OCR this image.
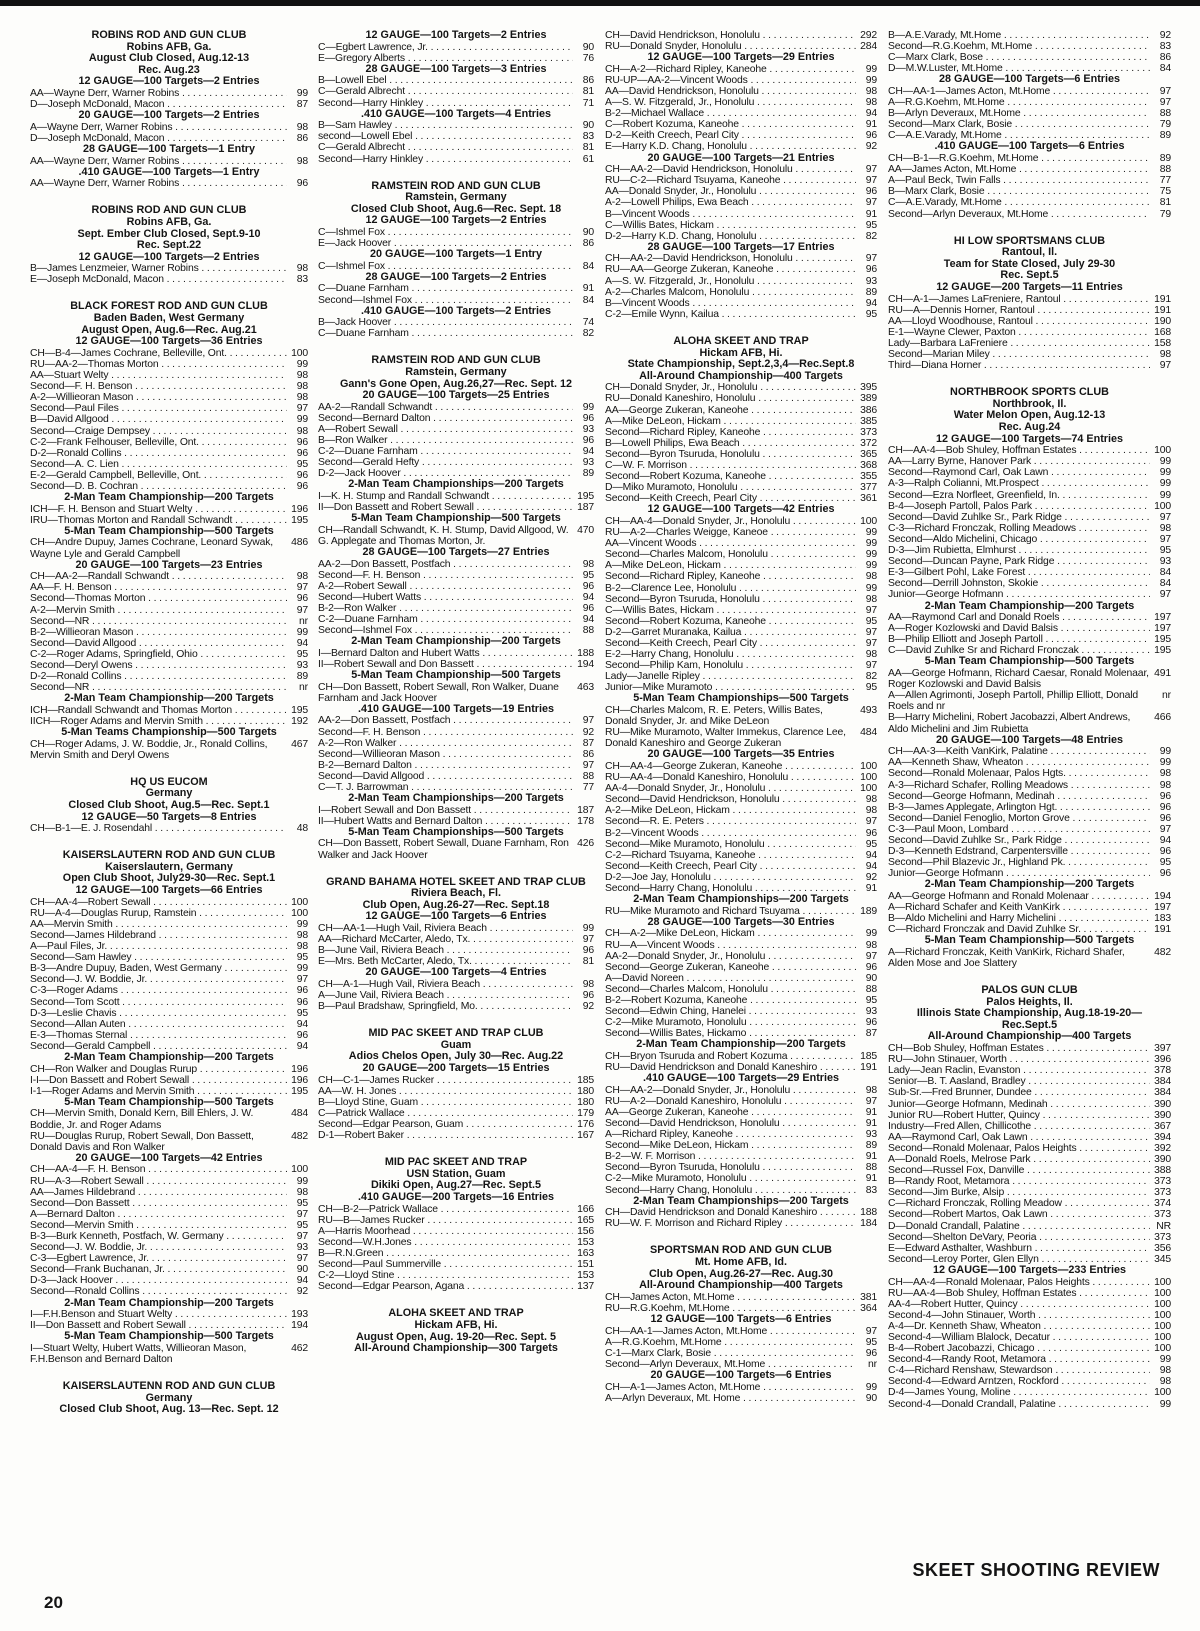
ROBINS ROD AND GUN CLUB
Robins AFB, Ga.
August Club Closed, Aug.12-13
Rec. Aug.23
12 GAUGE—100 Targets—2 Entries
AA—Wayne Derr, Warner Robins . . .	99
D—Joseph McDonald, Macon . . .	87
20 GAUGE—100 Targets—2 Entries
A—Wayne Derr, Warner Robins . . .	98
D—Joseph McDonald, Macon . . .	86
28 GAUGE—100 Targets—1 Entry
AA—Wayne Derr, Warner Robins . . .	98
.410 GAUGE—100 Targets—1 Entry
AA—Wayne Derr, Warner Robins . . .	96
ROBINS ROD AND GUN CLUB
Robins AFB, Ga.
Sept. Ember Club Closed, Sept.9-10
Rec. Sept.22
12 GAUGE—100 Targets—2 Entries
B—James Lenzmeier, Warner Robins . . .	98
E—Joseph McDonald, Macon . . .	83
BLACK FOREST ROD AND GUN CLUB
Baden Baden, West Germany
August Open, Aug.6—Rec. Aug.21
12 GAUGE—100 Targets—36 Entries
CH—B-4—James Cochrane, Belleville, Ont. . . .	100
RU—AA-2—Thomas Morton . . .	99
AA—Stuart Welty . . .	98
Second—F. H. Benson . . .	98
A-2—Willieoran Mason . . .	98
Second—Paul Files . . .	97
B—David Allgood . . .	99
Second—Craige Dempsey . . .	98
C-2—Frank Felhouser, Belleville, Ont. . . .	96
D-2—Ronald Collins . . .	96
Second—A. C. Lien . . .	95
E-2—Gerald Campbell, Belleville, Ont. . . .	96
Second—D. B. Cochran . . .	96
2-Man Team Championship—200 Targets
ICH—F. H. Benson and Stuart Welty . . .	196
IRU—Thomas Morton and Randall Schwandt . . .	195
5-Man Team Championship—500 Targets
CH—Andre Dupuy, James Cochrane, Leonard Sywak, Wayne Lyle and Gerald Campbell
486
20 GAUGE—100 Targets—23 Entries
CH—AA-2—Randall Schwandt . . .	98
AA—F. H. Benson . . .	97
Second—Thomas Morton . . .	96
A-2—Mervin Smith . . .	97
Second—NR . . .	nr
B-2—Willieoran Mason . . .	99
Second—David Allgood . . .	94
C-2—Roger Adams, Springfield, Ohio . . .	95
Second—Deryl Owens . . .	93
D-2—Ronald Collins . . .	89
Second—NR . . .	nr
2-Man Team Championship—200 Targets
ICH—Randall Schwandt and Thomas Morton . . .	195
IICH—Roger Adams and Mervin Smith . . .	192
5-Man Teams Championship—500 Targets
CH—Roger Adams, J. W. Boddie, Jr., Ronald Collins, Mervin Smith and Deryl Owens
467
HQ US EUCOM
Germany
Closed Club Shoot, Aug.5—Rec. Sept.1
12 GAUGE—50 Targets—8 Entries
CH—B-1—E. J. Rosendahl . . .	48
KAISERSLAUTERN ROD AND GUN CLUB
Kaiserslautern, Germany
Open Club Shoot, July29-30—Rec. Sept.1
12 GAUGE—100 Targets—66 Entries
CH—AA-4—Robert Sewall . . .	100
RU—A-4—Douglas Rurup, Ramstein . . .	100
AA—Mervin Smith . . .	99
Second—James Hildebrand . . .	98
A—Paul Files, Jr. . . .	98
Second—Sam Hawley . . .	95
B-3—Andre Dupuy, Baden, West Germany . . .	99
Second—J. W. Boddie, Jr. . . .	97
C-3—Roger Adams . . .	96
Second—Tom Scott . . .	96
D-3—Leslie Chavis . . .	95
Second—Allan Auten . . .	94
E-3—Thomas Sternal . . .	96
Second—Gerald Campbell . . .	94
2-Man Team Championship—200 Targets
CH—Ron Walker and Douglas Rurup . . .	196
I-I—Don Bassett and Robert Sewall . . .	196
I-1—Roger Adams and Mervin Smith . . .	195
5-Man Team Championship—500 Targets
CH—Mervin Smith, Donald Kern, Bill Ehlers, J. W. Boddie, Jr. and Roger Adams
484
RU—Douglas Rurup, Robert Sewall, Don Bassett, Donald Davis and Ron Walker
482
20 GAUGE—100 Targets—42 Entries
CH—AA-4—F. H. Benson . . .	100
RU—A-3—Robert Sewall . . .	99
AA—James Hildebrand . . .	98
Second—Don Bassett . . .	95
A—Bernard Dalton . . .	97
Second—Mervin Smith . . .	95
B-3—Burk Kenneth, Postfach, W. Germany . . .	97
Second—J. W. Boddie, Jr. . . .	93
C-3—Egbert Lawrence, Jr. . . .	97
Second—Frank Buchanan, Jr. . . .	90
D-3—Jack Hoover . . .	94
Second—Ronald Collins . . .	92
2-Man Team Championship—200 Targets
I—F.H.Benson and Stuart Welty . . .	193
II—Don Bassett and Robert Sewall . . .	194
5-Man Team Championship—500 Targets
I—Stuart Welty, Hubert Watts, Willieoran Mason, F.H.Benson and Bernard Dalton
462
KAISERSLAUTENN ROD AND GUN CLUB
Germany
Closed Club Shoot, Aug. 13—Rec. Sept. 12
12 GAUGE—100 Targets—2 Entries
C—Egbert Lawrence, Jr. . . .	90
E—Gregory Alberts . . .	76
28 GAUGE—100 Targets—3 Entries
B—Lowell Ebel . . .	86
C—Gerald Albrecht . . .	81
Second—Harry Hinkley . . .	71
.410 GAUGE—100 Targets—4 Entries
B—Sam Hawley . . .	90
second—Lowell Ebel . . .	83
C—Gerald Albrecht . . .	81
Second—Harry Hinkley . . .	61
RAMSTEIN ROD AND GUN CLUB
Ramstein, Germany
Closed Club Shoot, Aug.6—Rec. Sept. 18
12 GAUGE—100 Targets—2 Entries
C—Ishmel Fox . . .	90
E—Jack Hoover . . .	86
20 GAUGE—100 Targets—1 Entry
C—Ishmel Fox . . .	84
28 GAUGE—100 Targets—2 Entries
C—Duane Farnham . . .	91
Second—Ishmel Fox . . .	84
.410 GAUGE—100 Targets—2 Entries
B—Jack Hoover . . .	74
C—Duane Farnham . . .	82
RAMSTEIN ROD AND GUN CLUB
Ramstein, Germany
Gann's Gone Open, Aug.26,27—Rec. Sept. 12
20 GAUGE—100 Targets—25 Entries
AA-2—Randall Schwandt . . .	99
Second—Bernard Dalton . . .	96
A—Robert Sewall . . .	93
B—Ron Walker . . .	96
C-2—Duane Farnham . . .	94
Second—Gerald Hefty . . .	93
D-2—Jack Hoover . . .	89
2-Man Team Championships—200 Targets
I—K. H. Stump and Randall Schwandt . . .	195
II—Don Bassett and Robert Sewall . . .	187
5-Man Team Championship—500 Targets
CH—Randall Schwandt, K. H. Stump, David Allgood, W. G. Applegate and Thomas Morton, Jr.
470
28 GAUGE—100 Targets—27 Entries
AA-2—Don Bassett, Postfach . . .	98
Second—F. H. Benson . . .	95
A-2—Robert Sewall . . .	96
Second—Hubert Watts . . .	94
B-2—Ron Walker . . .	96
C-2—Duane Farnham . . .	94
Second—Ishmel Fox . . .	88
2-Man Team Championship—200 Targets
I—Bernard Dalton and Hubert Watts . . .	188
II—Robert Sewall and Don Bassett . . .	194
5-Man Team Championship—500 Targets
CH—Don Bassett, Robert Sewall, Ron Walker, Duane Farnham and Jack Hoover
463
.410 GAUGE—100 Targets—19 Entries
AA-2—Don Bassett, Postfach . . .	97
Second—F. H. Benson . . .	92
A-2—Ron Walker . . .	87
Second—Willieoran Mason . . .	86
B-2—Bernard Dalton . . .	97
Second—David Allgood . . .	88
C—T. J. Barrowman . . .	77
2-Man Team Championships—200 Targets
I—Robert Sewall and Don Bassett . . .	187
II—Hubert Watts and Bernard Dalton . . .	178
5-Man Team Championships—500 Targets
CH—Don Bassett, Robert Sewall, Duane Farnham, Ron Walker and Jack Hoover
426
GRAND BAHAMA HOTEL SKEET AND TRAP CLUB
Riviera Beach, Fl.
Club Open, Aug.26-27—Rec. Sept.18
12 GAUGE—100 Targets—6 Entries
CH—AA-1—Hugh Vail, Riviera Beach . . .	99
AA—Richard McCarter, Aledo, Tx. . . .	97
B—June Vail, Riviera Beach . . .	96
E—Mrs. Beth McCarter, Aledo, Tx. . . .	81
20 GAUGE—100 Targets—4 Entries
CH—A-1—Hugh Vail, Riviera Beach . . .	98
A—June Vail, Riviera Beach . . .	96
B—Paul Bradshaw, Springfield, Mo. . . .	92
MID PAC SKEET AND TRAP CLUB
Guam
Adios Chelos Open, July 30—Rec. Aug.22
20 GAUGE—200 Targets—15 Entries
CH—C-1—James Rucker . . .	185
AA—W. H. Jones . . .	180
B—Lloyd Stine, Guam . . .	180
C—Patrick Wallace . . .	179
Second—Edgar Pearson, Guam . . .	176
D-1—Robert Baker . . .	167
MID PAC SKEET AND TRAP
USN Station, Guam
Dikiki Open, Aug.27—Rec. Sept.5
.410 GAUGE—200 Targets—16 Entries
CH—B-2—Patrick Wallace . . .	166
RU—B—James Rucker . . .	165
A—Harris Moorhead . . .	156
Second—W.H.Jones . . .	153
B—R.N.Green . . .	163
Second—Paul Summerville . . .	151
C-2—Lloyd Stine . . .	153
Second—Edgar Pearson, Agana . . .	137
ALOHA SKEET AND TRAP
Hickam AFB, Hi.
August Open, Aug. 19-20—Rec. Sept. 5
All-Around Championship—300 Targets
CH—David Hendrickson, Honolulu . . .	292
RU—Donald Snyder, Honolulu . . .	284
12 GAUGE—100 Targets—29 Entries
CH—A-2—Richard Ripley, Kaneohe . . .	99
RU-UP—AA-2—Vincent Woods . . .	99
AA—David Hendrickson, Honolulu . . .	98
A—S. W. Fitzgerald, Jr., Honolulu . . .	98
B-2—Michael Wallace . . .	94
C—Robert Kozuma, Kaneohe . . .	91
D-2—Keith Creech, Pearl City . . .	96
E—Harry K.D. Chang, Honolulu . . .	92
20 GAUGE—100 Targets—21 Entries
CH—AA-2—David Hendrickson, Honolulu . . .	97
RU—C-2—Richard Tsuyama, Kaneohe . . .	97
AA—Donald Snyder, Jr., Honolulu . . .	96
A-2—Lowell Philips, Ewa Beach . . .	97
B—Vincent Woods . . .	91
C—Willis Bates, Hickam . . .	95
D-2—Harry K.D. Chang, Honolulu . . .	82
28 GAUGE—100 Targets—17 Entries
CH—AA-2—David Hendrickson, Honolulu . . .	97
RU—AA—George Zukeran, Kaneohe . . .	96
A—S. W. Fitzgerald, Jr., Honolulu . . .	93
A-2—Charles Malcom, Honolulu . . .	89
B—Vincent Woods . . .	94
C-2—Emile Wynn, Kailua . . .	95
ALOHA SKEET AND TRAP
Hickam AFB, Hi.
State Championship, Sept.2,3,4—Rec.Sept.8
All-Around Championship—400 Targets
CH—Donald Snyder, Jr., Honolulu . . .	395
RU—Donald Kaneshiro, Honolulu . . .	389
AA—George Zukeran, Kaneohe . . .	386
A—Mike DeLeon, Hickam . . .	385
Second—Richard Ripley, Kaneohe . . .	373
B—Lowell Philips, Ewa Beach . . .	372
Second—Byron Tsuruda, Honolulu . . .	365
C—W. F. Morrison . . .	368
Second—Robert Kozuma, Kaneohe . . .	355
D—Miko Muramoto, Honolulu . . .	377
Second—Keith Creech, Pearl City . . .	361
12 GAUGE—100 Targets—42 Entries
CH—AA-4—Donald Snyder, Jr., Honolulu . . .	100
RU—A-2—Charles Weigge, Kaneoe . . .	99
AA—Vincent Woods . . .	99
Second—Charles Malcom, Honolulu . . .	99
A—Mike DeLeon, Hickam . . .	99
Second—Richard Ripley, Kaneohe . . .	98
B-2—Clarence Lee, Honolulu . . .	99
Second—Byron Tsuruda, Honolulu . . .	98
C—Willis Bates, Hickam . . .	97
Second—Robert Kozuma, Kaneohe . . .	95
D-2—Garret Muranaka, Kailua . . .	97
Second—Keith Creech, Pearl City . . .	97
E-2—Harry Chang, Honolulu . . .	98
Second—Philip Kam, Honolulu . . .	97
Lady—Janelle Ripley . . .	82
Junior—Mike Muramoto . . .	95
5-Man Team Championships—500 Targets
CH—Charles Malcom, R. E. Peters, Willis Bates, Donald Snyder, Jr. and Mike DeLeon
493
RU—Mike Muramoto, Walter Immekus, Clarence Lee, Donald Kaneshiro and George Zukeran
484
20 GAUGE—100 Targets—35 Entries
CH—AA-4—George Zukeran, Kaneohe . . .	100
RU—AA-4—Donald Kaneshiro, Honolulu . . .	100
AA-4—Donald Snyder, Jr., Honolulu . . .	100
Second—David Hendrickson, Honolulu . . .	98
A-2—Mike DeLeon, Hickam . . .	98
Second—R. E. Peters . . .	97
B-2—Vincent Woods . . .	96
Second—Mike Muramoto, Honolulu . . .	95
C-2—Richard Tsuyama, Kaneohe . . .	94
Second—Keith Creech, Pearl City . . .	94
D-2—Joe Jay, Honolulu . . .	92
Second—Harry Chang, Honolulu . . .	91
2-Man Team Championships—200 Targets
RU—Mike Muramoto and Richard Tsuyama . . .	189
28 GAUGE—100 Targets—30 Entries
CH—A-2—Mike DeLeon, Hickam . . .	99
RU—A—Vincent Woods . . .	98
AA-2—Donald Snyder, Jr., Honolulu . . .	97
Second—George Zukeran, Kaneohe . . .	96
A—David Noreen . . .	90
Second—Charles Malcom, Honolulu . . .	88
B-2—Robert Kozuma, Kaneohe . . .	95
Second—Edwin Ching, Hanelei . . .	93
C-2—Mike Muramoto, Honolulu . . .	96
Second—Willis Bates, Hickamo . . .	87
2-Man Team Championship—200 Targets
CH—Bryon Tsuruda and Robert Kozuma . . .	185
RU—David Hendrickson and Donald Kaneshiro . . .	191
.410 GAUGE—100 Targets—29 Entries
CH—AA-2—Donald Snyder, Jr., Honolulu . . .	98
RU—A-2—Donald Kaneshiro, Honolulu . . .	97
AA—George Zukeran, Kaneohe . . .	91
Second—David Hendrickson, Honolulu . . .	91
A—Richard Ripley, Kaneohe . . .	93
Second—Mike DeLeon, Hickam . . .	89
B-2—W. F. Morrison . . .	91
Second—Byron Tsuruda, Honolulu . . .	88
C-2—Mike Muramoto, Honolulu . . .	91
Second—Harry Chang, Honolulu . . .	83
2-Man Team Championships—200 Targets
CH—David Hendrickson and Donald Kaneshiro . . .	188
RU—W. F. Morrison and Richard Ripley . . .	184
SPORTSMAN ROD AND GUN CLUB
Mt. Home AFB, Id.
Club Open, Aug.26-27—Rec. Aug.30
All-Around Championship—400 Targets
CH—James Acton, Mt.Home . . .	381
RU—R.G.Koehm, Mt.Home . . .	364
12 GAUGE—100 Targets—6 Entries
CH—AA-1—James Acton, Mt.Home . . .	97
A—R.G.Koehm, Mt.Home . . .	95
C-1—Marx Clark, Bosie . . .	96
Second—Arlyn Deveraux, Mt.Home . . .	nr
20 GAUGE—100 Targets—6 Entries
CH—A-1—James Acton, Mt.Home . . .	99
A—Arlyn Deveraux, Mt. Home . . .	90
B—A.E.Varady, Mt.Home . . .	92
Second—R.G.Koehm, Mt.Home . . .	83
C—Marx Clark, Bose . . .	86
D—M.W.Luster, Mt.Home . . .	84
28 GAUGE—100 Targets—6 Entries
CH—AA-1—James Acton, Mt.Home . . .	97
A—R.G.Koehm, Mt.Home . . .	97
B—Arlyn Deveraux, Mt.Home . . .	88
Second—Marx Clark, Bosie . . .	79
C—A.E.Varady, Mt.Home . . .	89
.410 GAUGE—100 Targets—6 Entries
CH—B-1—R.G.Koehm, Mt.Home . . .	89
AA—James Acton, Mt.Home . . .	88
A—Paul Beck, Twin Falls . . .	77
B—Marx Clark, Bosie . . .	75
C—A.E.Varady, Mt.Home . . .	81
Second—Arlyn Deveraux, Mt.Home . . .	79
HI LOW SPORTSMANS CLUB
Rantoul, Il.
Team for State Closed, July 29-30
Rec. Sept.5
12 GAUGE—200 Targets—11 Entries
CH—A-1—James LaFreniere, Rantoul . . .	191
RU—A—Dennis Horner, Rantoul . . .	191
AA—Lloyd Woodhouse, Rantoul . . .	190
E-1—Wayne Clewer, Paxton . . .	168
Lady—Barbara LaFreniere . . .	158
Second—Marian Miley . . .	98
Third—Diana Horner . . .	97
NORTHBROOK SPORTS CLUB
Northbrook, Il.
Water Melon Open, Aug.12-13
Rec. Aug.24
12 GAUGE—100 Targets—74 Entries
CH—AA-4—Bob Shuley, Hoffman Estates . . .	100
AA—Larry Byrne, Hanover Park . . .	99
Second—Raymond Carl, Oak Lawn . . .	99
A-3—Ralph Colianni, Mt.Prospect . . .	99
Second—Ezra Norfleet, Greenfield, In. . . .	99
B-4—Joseph Partoll, Palos Park . . .	100
Second—David Zuhlke Sr., Park Ridge . . .	97
C-3—Richard Fronczak, Rolling Meadows . . .	98
Second—Aldo Michelini, Chicago . . .	97
D-3—Jim Rubietta, Elmhurst . . .	95
Second—Duncan Payne, Park Ridge . . .	93
E-3—Gilbert Pohl, Lake Forest . . .	84
Second—Derrill Johnston, Skokie . . .	84
Junior—George Hofmann . . .	97
2-Man Team Championship—200 Targets
AA—Raymond Carl and Donald Roels . . .	197
A—Roger Kozlowski and David Balsis . . .	197
B—Philip Elliott and Joseph Partoll . . .	195
C—David Zuhlke Sr and Richard Fronczak . . .	195
5-Man Team Championship—500 Targets
AA—George Hofmann, Richard Caesar, Ronald Molenaar, Roger Kozlowski and David Balsis
491
A—Allen Agrimonti, Joseph Partoll, Phillip Elliott, Donald Roels and nr
nr
B—Harry Michelini, Robert Jacobazzi, Albert Andrews, Aldo Michelini and Jim Rubietta
466
20 GAUGE—100 Targets—48 Entries
CH—AA-3—Keith VanKirk, Palatine . . .	99
AA—Kenneth Shaw, Wheaton . . .	99
Second—Ronald Molenaar, Palos Hgts. . . .	98
A-3—Richard Schafer, Rolling Meadows . . .	98
Second—George Hofmann, Medinah . . .	96
B-3—James Applegate, Arlington Hgt. . . .	96
Second—Daniel Fenoglio, Morton Grove . . .	96
C-3—Paul Moon, Lombard . . .	97
Second—David Zuhlke Sr., Park Ridge . . .	94
D-3—Kenneth Edstrand, Carpentersville . . .	96
Second—Phil Blazevic Jr., Highland Pk. . . .	95
Junior—George Hofmann . . .	96
2-Man Team Championship—200 Targets
AA—George Hofmann and Ronald Molenaar . . .	194
A—Richard Schafer and Keith VanKirk . . .	197
B—Aldo Michelini and Harry Michelini . . .	183
C—Richard Fronczak and David Zuhlke Sr. . . .	191
5-Man Team Championship—500 Targets
A—Richard Fronczak, Keith VanKirk, Richard Shafer, Alden Mose and Joe Slattery
482
PALOS GUN CLUB
Palos Heights, Il.
Illinois State Championship, Aug.18-19-20—
Rec.Sept.5
All-Around Championship—400 Targets
CH—Bob Shuley, Hoffman Estates . . .	397
RU—John Stinauer, Worth . . .	396
Lady—Jean Raclin, Evanston . . .	378
Senior—B. T. Aasland, Bradley . . .	384
Sub-Sr.—Fred Brunner, Dundee . . .	384
Junior—George Hofmann, Medinah . . .	390
Junior RU—Robert Hutter, Quincy . . .	390
Industry—Fred Allen, Chillicothe . . .	367
AA—Raymond Carl, Oak Lawn . . .	394
Second—Ronald Molenaar, Palos Heights . . .	392
A—Donald Roels, Melrose Park . . .	390
Second—Russel Fox, Danville . . .	388
B—Randy Root, Metamora . . .	373
Second—Jim Burke, Alsip . . .	373
C—Richard Fronczak, Rolling Meadow . . .	374
Second—Robert Martos, Oak Lawn . . .	373
D—Donald Crandall, Palatine . . .	NR
Second—Shelton DeVary, Peoria . . .	373
E—Edward Asthalter, Washburn . . .	356
Second—Leroy Porter, Glen Ellyn . . .	345
12 GAUGE—100 Targets—233 Entries
CH—AA-4—Ronald Molenaar, Palos Heights . . .	100
RU—AA-4—Bob Shuley, Hoffman Estates . . .	100
AA-4—Robert Hutter, Quincy . . .	100
Second-4—John Stinauer, Worth . . .	100
A-4—Dr. Kenneth Shaw, Wheaton . . .	100
Second-4—William Blalock, Decatur . . .	100
B-4—Robert Jacobazzi, Chicago . . .	100
Second-4—Randy Root, Metamora . . .	99
C-4—Richard Renshaw, Stewardson . . .	98
Second-4—Edward Arntzen, Rockford . . .	98
D-4—James Young, Moline . . .	100
Second-4—Donald Crandall, Palatine . . .	99
20
SKEET SHOOTING REVIEW
